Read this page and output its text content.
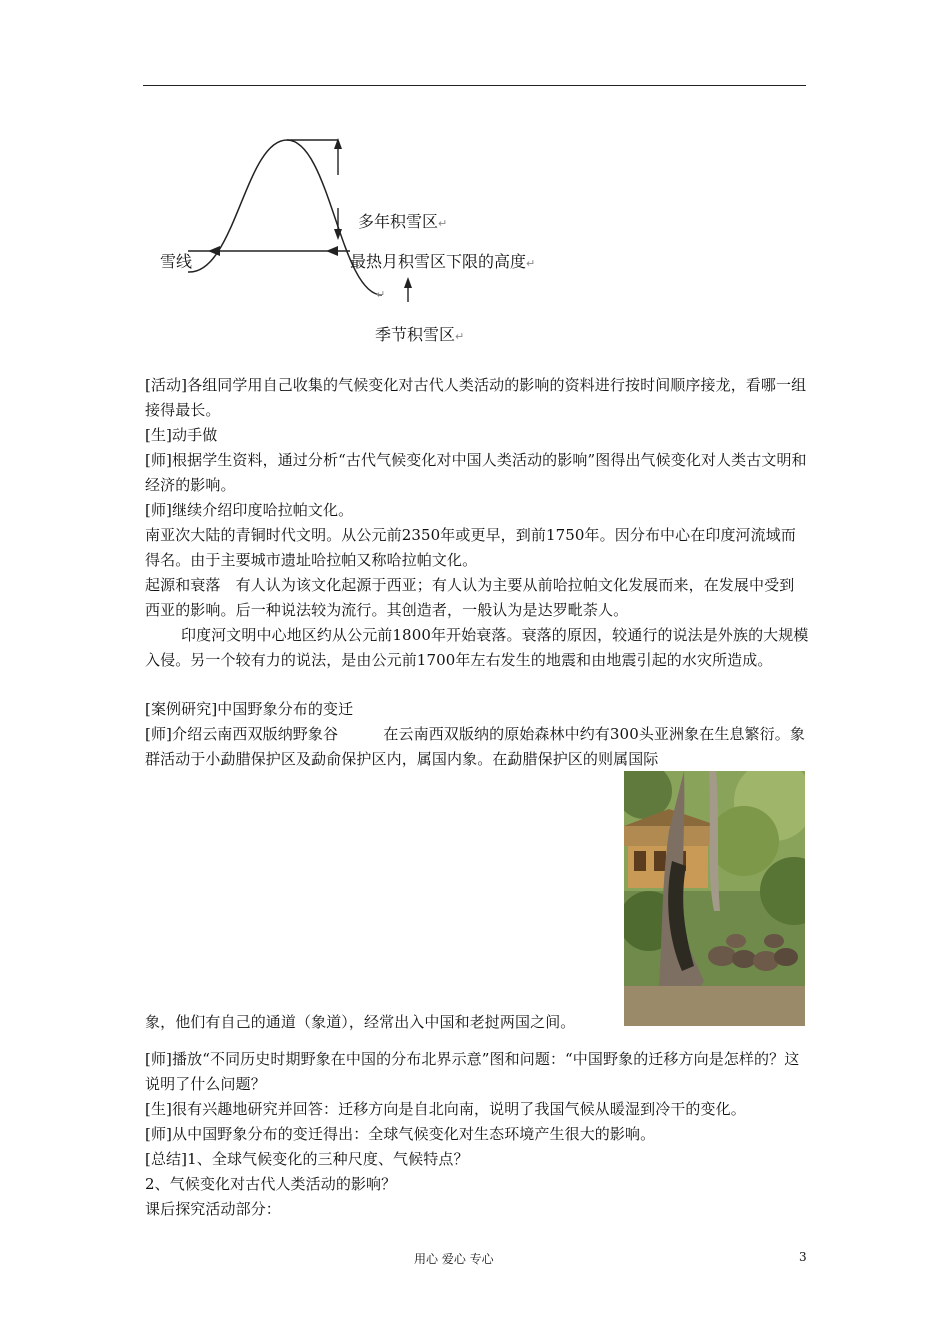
多年积雪区↵
雪线	最热月积雪区下限的高度↵
↵
季节积雪区↵
[活动]各组同学用自己收集的气候变化对古代人类活动的影响的资料进行按时间顺序接龙，看哪一组接得最长。
[生]动手做
[师]根据学生资料，通过分析“古代气候变化对中国人类活动的影响”图得出气候变化对人类古文明和经济的影响。
[师]继续介绍印度哈拉帕文化。
南亚次大陆的青铜时代文明。从公元前2350年或更早，到前1750年。因分布中心在印度河流域而得名。由于主要城市遗址哈拉帕又称哈拉帕文化。
起源和衰落　有人认为该文化起源于西亚；有人认为主要从前哈拉帕文化发展而来，在发展中受到西亚的影响。后一种说法较为流行。其创造者，一般认为是达罗毗荼人。
印度河文明中心地区约从公元前1800年开始衰落。衰落的原因，较通行的说法是外族的大规模入侵。另一个较有力的说法，是由公元前1700年左右发生的地震和由地震引起的水灾所造成。
[案例研究]中国野象分布的变迁
[师]介绍云南西双版纳野象谷　　　在云南西双版纳的原始森林中约有300头亚洲象在生息繁衍。象　　群活动于小勐腊保护区及勐俞保护区内，属国内象。在勐腊保护区的则属国际
象，他们有自己的通道（象道），经常出入中国和老挝两国之间。
[师]播放“不同历史时期野象在中国的分布北界示意”图和问题：“中国野象的迁移方向是怎样的？这说明了什么问题？
[生]很有兴趣地研究并回答：迁移方向是自北向南，说明了我国气候从暖湿到冷干的变化。
[师]从中国野象分布的变迁得出：全球气候变化对生态环境产生很大的影响。
[总结]1、全球气候变化的三种尺度、气候特点？
2、气候变化对古代人类活动的影响？
课后探究活动部分：
用心 爱心 专心	3
